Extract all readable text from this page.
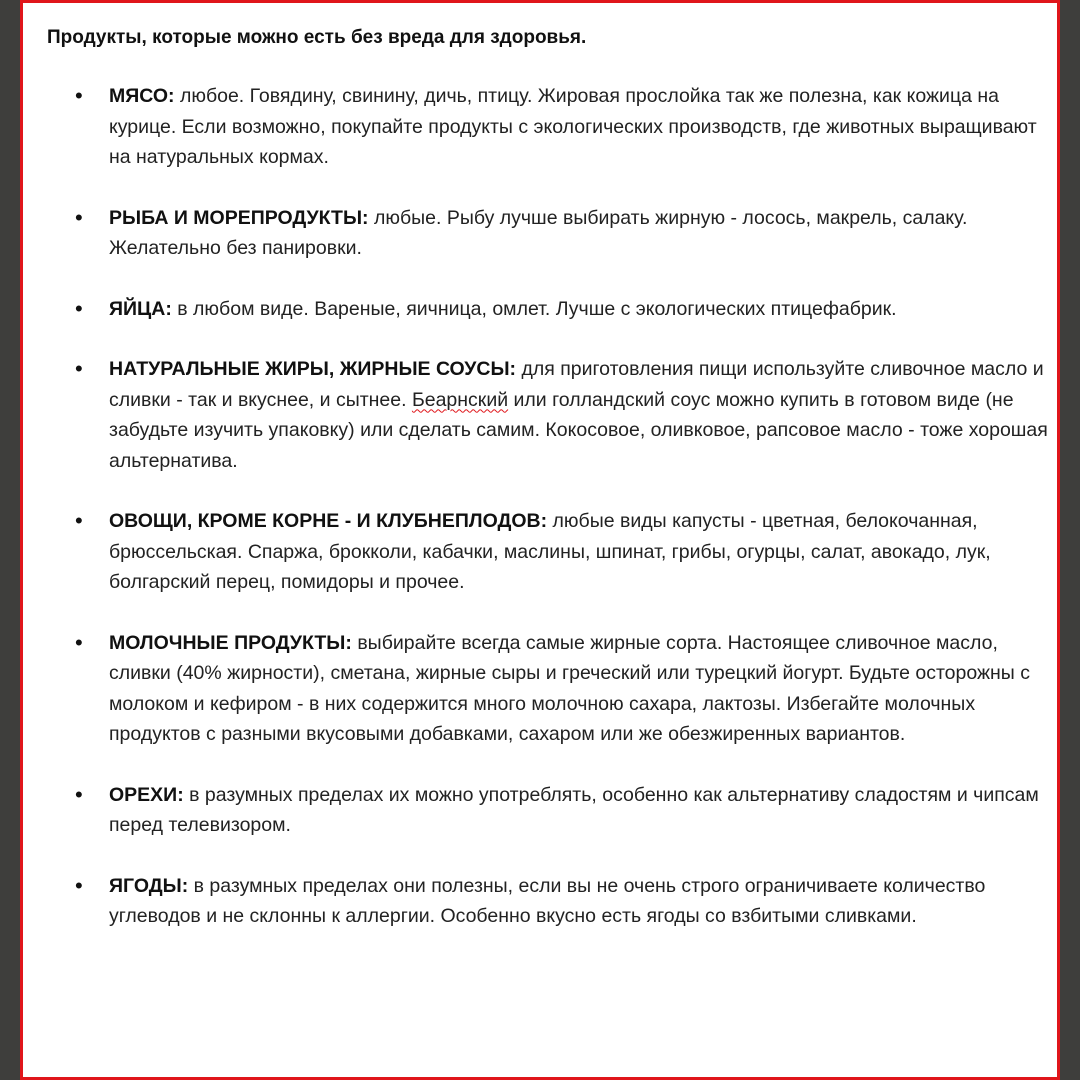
Продукты, которые можно есть без вреда для здоровья.
• МЯСО: любое. Говядину, свинину, дичь, птицу. Жировая прослойка так же полезна, как кожица на курице. Если возможно, покупайте продукты с экологических производств, где животных выращивают на натуральных кормах.
• РЫБА И МОРЕПРОДУКТЫ: любые. Рыбу лучше выбирать жирную - лосось, макрель, салаку. Желательно без панировки.
• ЯЙЦА: в любом виде. Вареные, яичница, омлет. Лучше с экологических птицефабрик.
• НАТУРАЛЬНЫЕ ЖИРЫ, ЖИРНЫЕ СОУСЫ: для приготовления пищи используйте сливочное масло и сливки - так и вкуснее, и сытнее. Беарнский или голландский соус можно купить в готовом виде (не забудьте изучить упаковку) или сделать самим. Кокосовое, оливковое, рапсовое масло - тоже хорошая альтернатива.
• ОВОЩИ, КРОМЕ КОРНЕ - И КЛУБНЕПЛОДОВ: любые виды капусты - цветная, белокочанная, брюссельская. Спаржа, брокколи, кабачки, маслины, шпинат, грибы, огурцы, салат, авокадо, лук, болгарский перец, помидоры и прочее.
• МОЛОЧНЫЕ ПРОДУКТЫ: выбирайте всегда самые жирные сорта. Настоящее сливочное масло, сливки (40% жирности), сметана, жирные сыры и греческий или турецкий йогурт. Будьте осторожны с молоком и кефиром - в них содержится много молочною сахара, лактозы. Избегайте молочных продуктов с разными вкусовыми добавками, сахаром или же обезжиренных вариантов.
• ОРЕХИ: в разумных пределах их можно употреблять, особенно как альтернативу сладостям и чипсам перед телевизором.
• ЯГОДЫ: в разумных пределах они полезны, если вы не очень строго ограничиваете количество углеводов и не склонны к аллергии. Особенно вкусно есть ягоды со взбитыми сливками.
